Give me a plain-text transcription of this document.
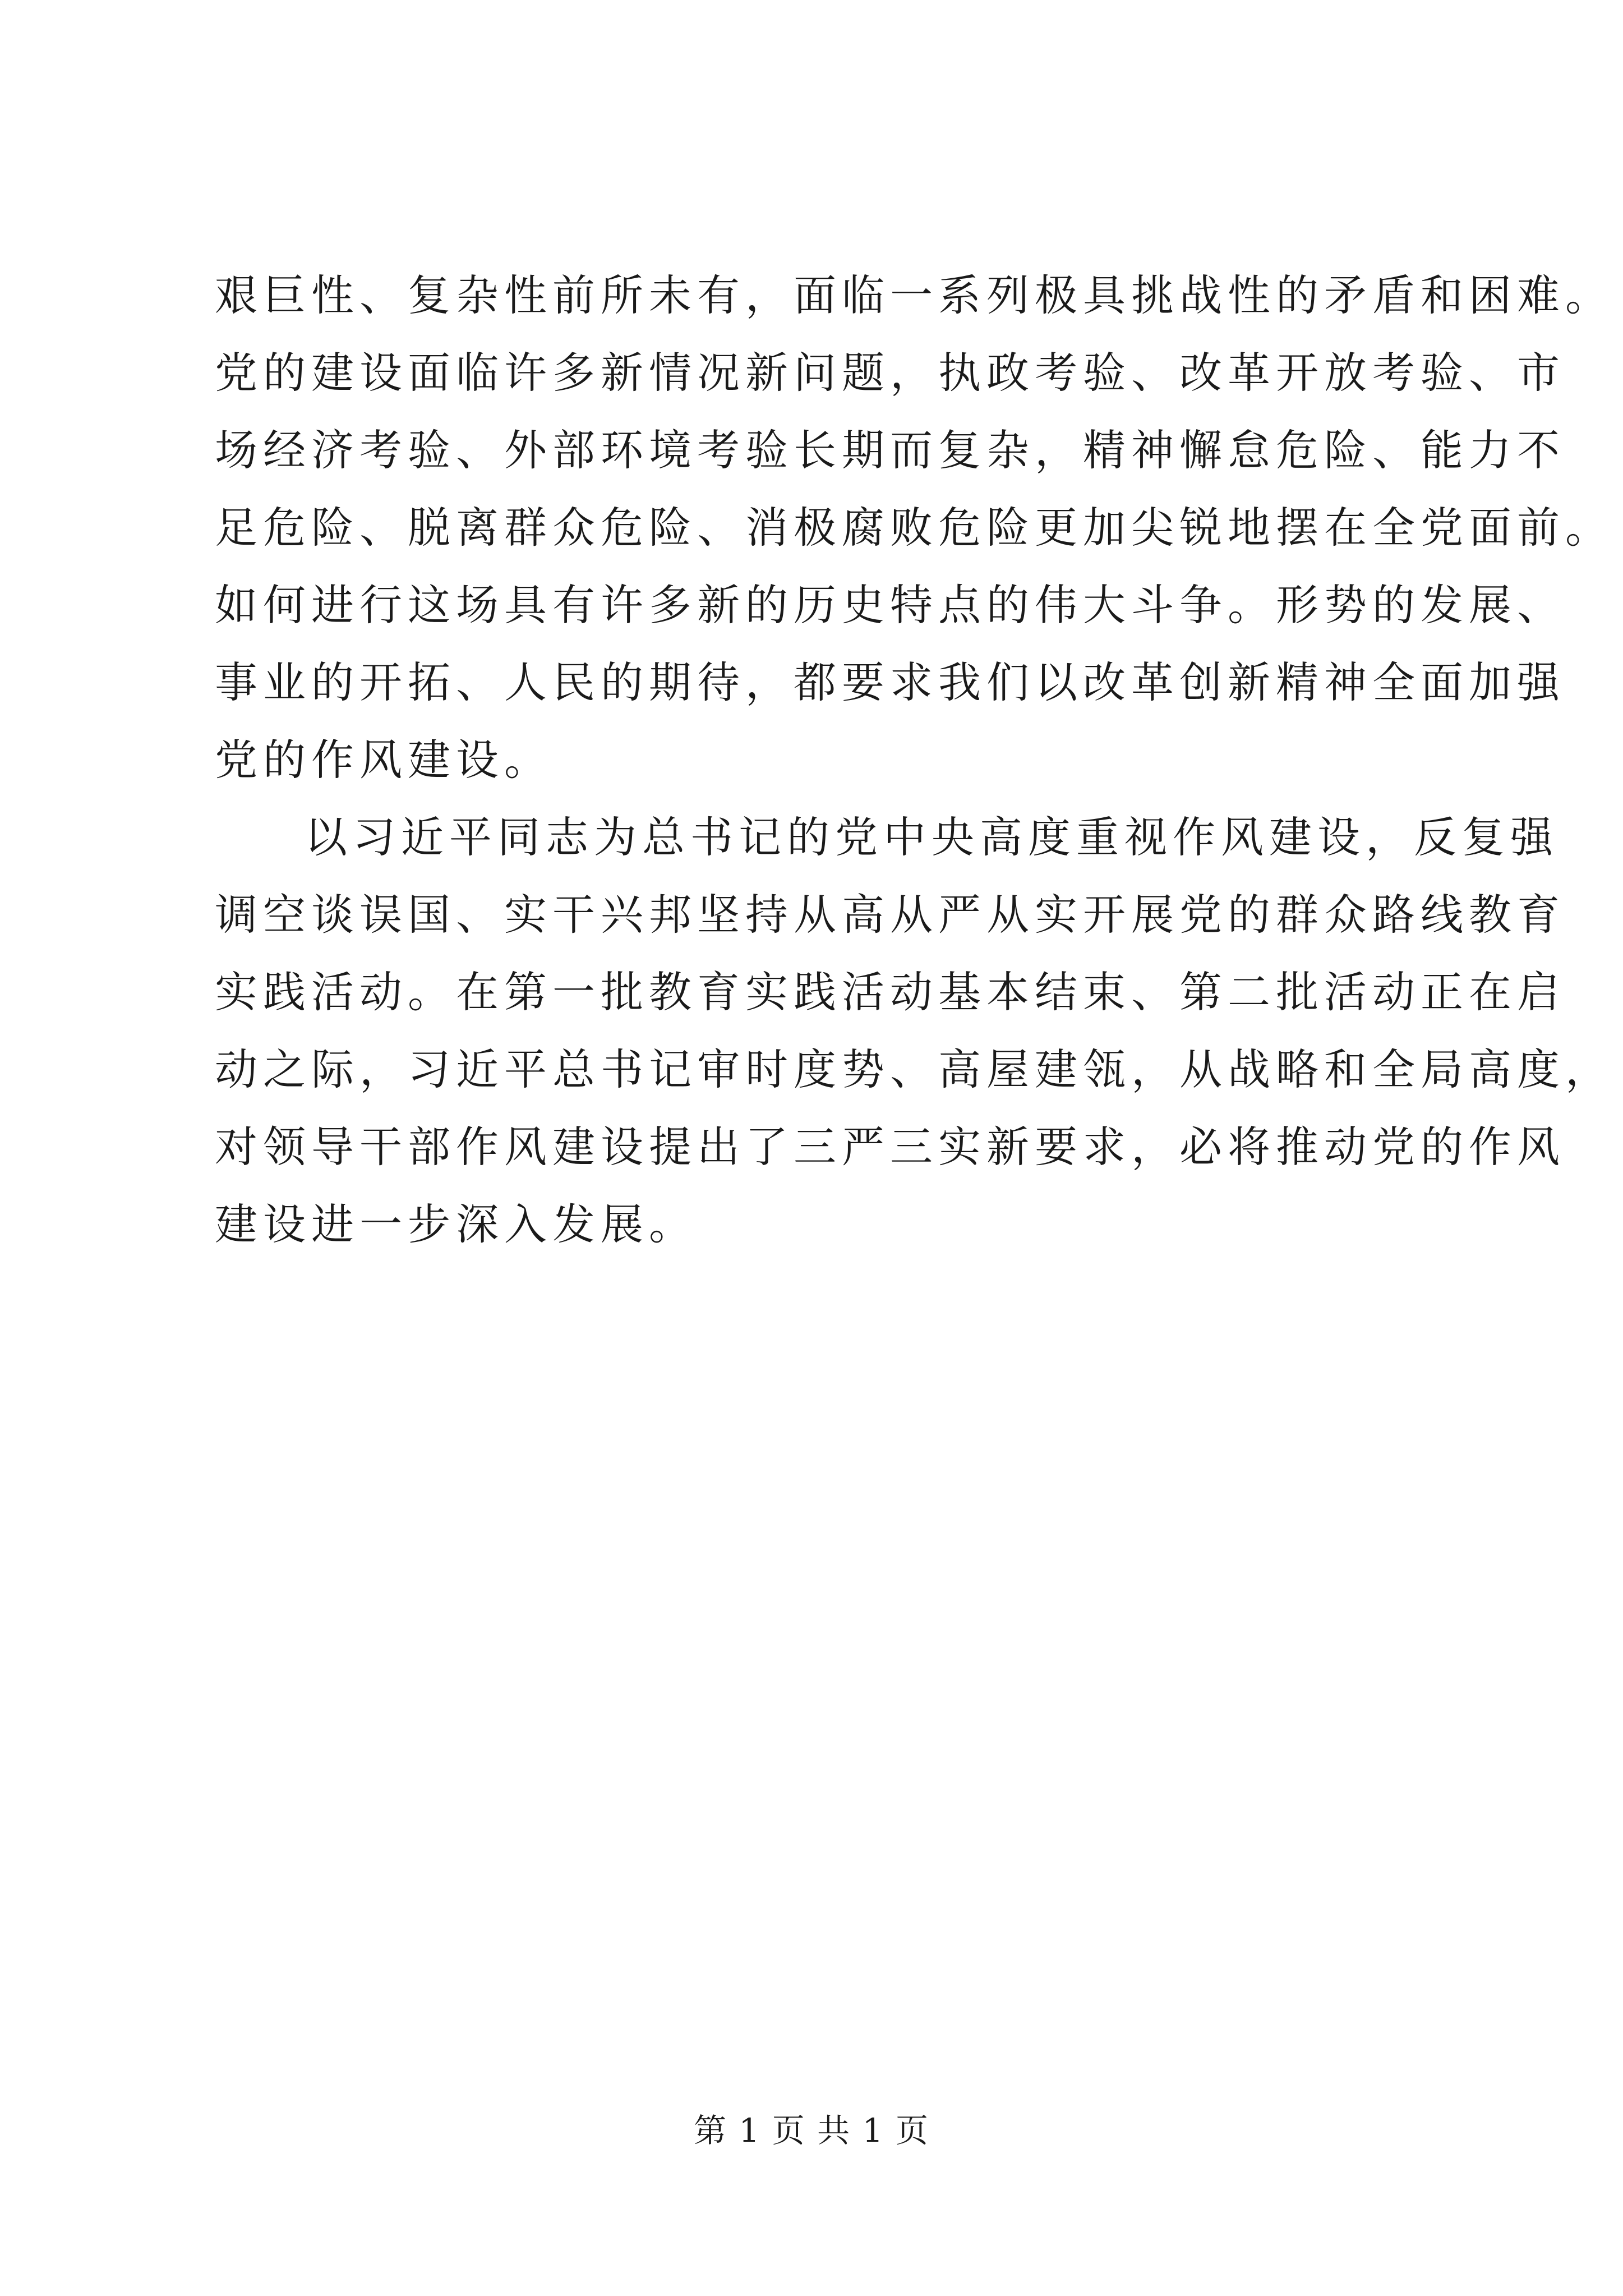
艰巨性、复杂性前所未有，面临一系列极具挑战性的矛盾和困难。
党的建设面临许多新情况新问题，执政考验、改革开放考验、市
场经济考验、外部环境考验长期而复杂，精神懈怠危险、能力不
足危险、脱离群众危险、消极腐败危险更加尖锐地摆在全党面前。
如何进行这场具有许多新的历史特点的伟大斗争。形势的发展、
事业的开拓、人民的期待，都要求我们以改革创新精神全面加强
党的作风建设。
以习近平同志为总书记的党中央高度重视作风建设，反复强
调空谈误国、实干兴邦坚持从高从严从实开展党的群众路线教育
实践活动。在第一批教育实践活动基本结束、第二批活动正在启
动之际，习近平总书记审时度势、高屋建瓴，从战略和全局高度，
对领导干部作风建设提出了三严三实新要求，必将推动党的作风
建设进一步深入发展。
第 1 页 共 1 页
